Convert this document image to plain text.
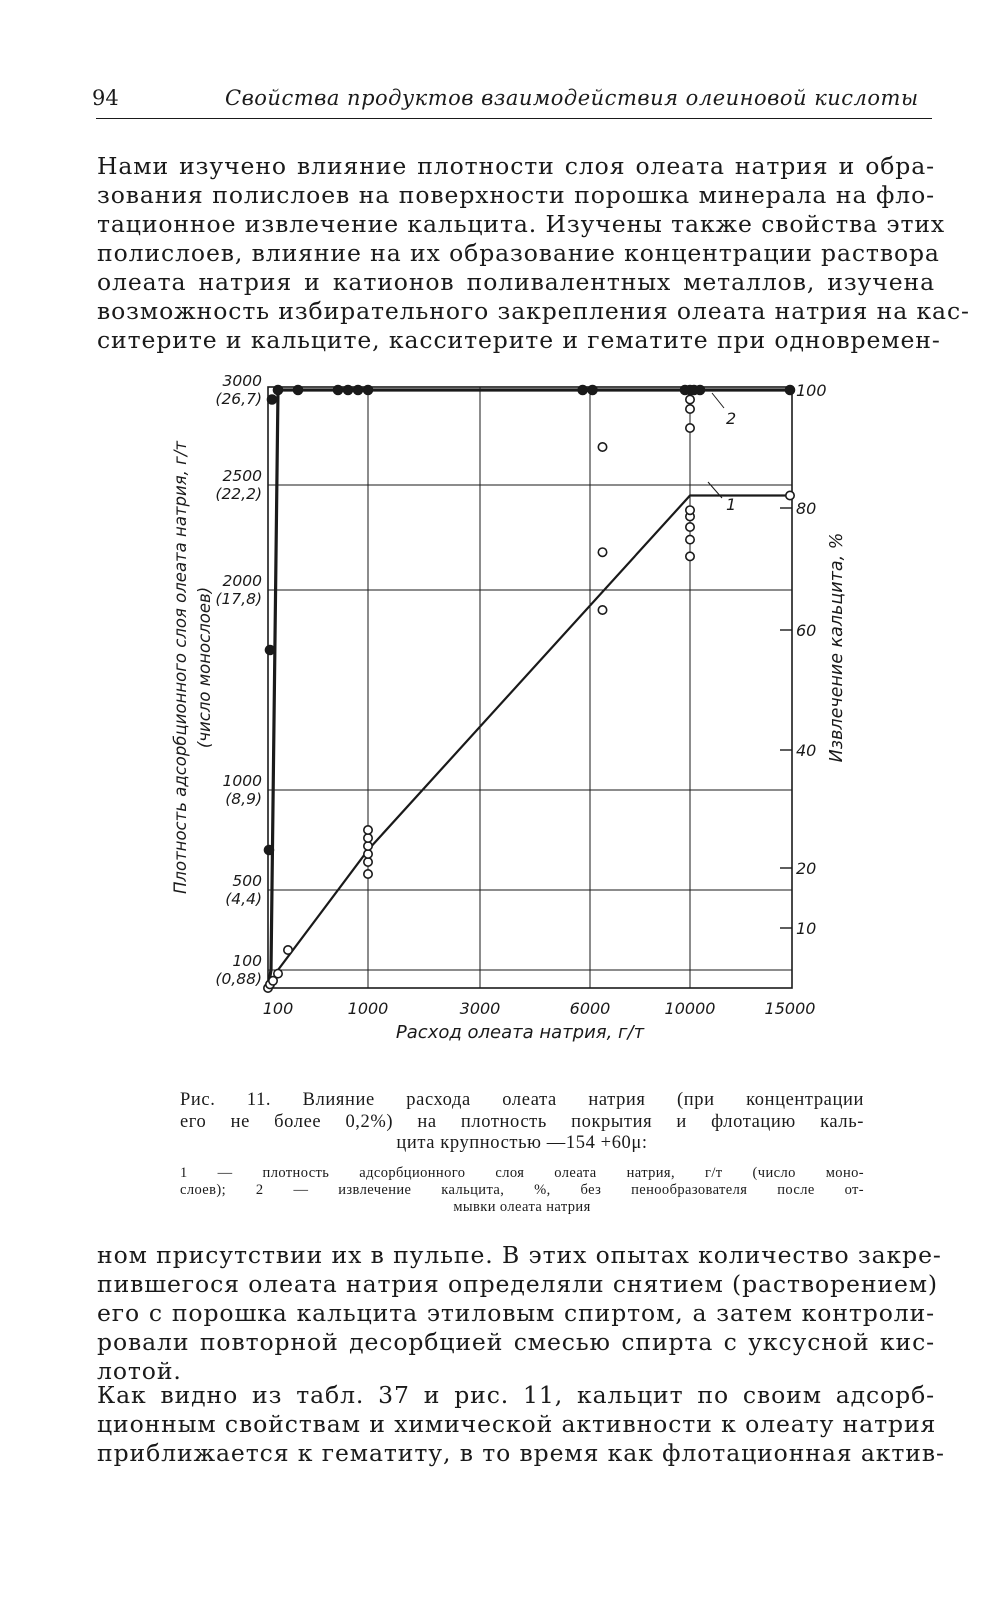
94	Свойства продуктов взаимодействия олеиновой кислоты
Нами изучено влияние плотности слоя олеата натрия и обра-
зования полислоев на поверхности порошка минерала на фло-
тационное извлечение кальцита. Изучены также свойства этих
полислоев, влияние на их образование концентрации раствора
олеата натрия и катионов поливалентных металлов, изучена
возможность избирательного закрепления олеата натрия на кас-
ситерите и кальците, касситерите и гематите при одновремен-
100	1000	3000	6000	10000	15000
3000
(26,7)
2500
(22,2)
2000
(17,8)
1000
(8,9)
500
(4,4)
100
(0,88)
100
80
60
40
20
10
1
2
Расход олеата натрия, г/т
Плотность адсорбционного слоя олеата натрия, г/т (число монослоев)	Извлечение кальцита, %
Рис. 11. Влияние расхода олеата натрия (при концентрации
его не более 0,2%) на плотность покрытия и флотацию каль-
цита крупностью —154 +60μ:
1 — плотность адсорбционного слоя олеата натрия, г/т (число моно-
слоев); 2 — извлечение кальцита, %, без пенообразователя после от-
мывки олеата натрия
ном присутствии их в пульпе. В этих опытах количество закре-
пившегося олеата натрия определяли снятием (растворением)
его с порошка кальцита этиловым спиртом, а затем контроли-
ровали повторной десорбцией смесью спирта с уксусной кис-
лотой.
Как видно из табл. 37 и рис. 11, кальцит по своим адсорб-
ционным свойствам и химической активности к олеату натрия
приближается к гематиту, в то время как флотационная актив-
